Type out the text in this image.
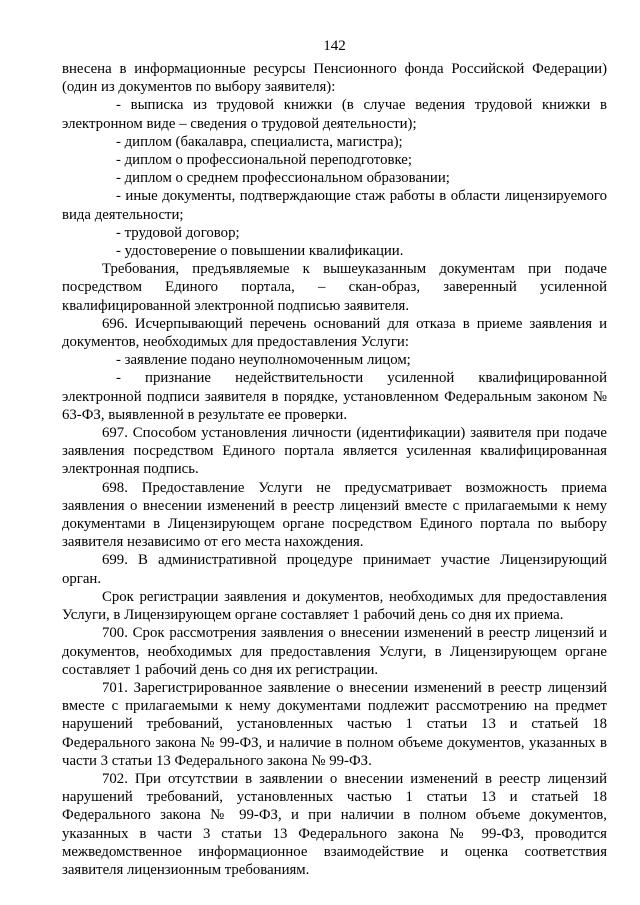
142

внесена в информационные ресурсы Пенсионного фонда Российской Федерации) (один из документов по выбору заявителя):

- выписка из трудовой книжки (в случае ведения трудовой книжки в электронном виде – сведения о трудовой деятельности);

- диплом (бакалавра, специалиста, магистра);

- диплом о профессиональной переподготовке;

- диплом о среднем профессиональном образовании;

- иные документы, подтверждающие стаж работы в области лицензируемого вида деятельности;

- трудовой договор;

- удостоверение о повышении квалификации.

Требования, предъявляемые к вышеуказанным документам при подаче посредством Единого портала, – скан-образ, заверенный усиленной квалифицированной электронной подписью заявителя.

696. Исчерпывающий перечень оснований для отказа в приеме заявления и документов, необходимых для предоставления Услуги:

- заявление подано неуполномоченным лицом;

- признание недействительности усиленной квалифицированной электронной подписи заявителя в порядке, установленном Федеральным законом № 63-ФЗ, выявленной в результате ее проверки.

697. Способом установления личности (идентификации) заявителя при подаче заявления посредством Единого портала является усиленная квалифицированная электронная подпись.

698. Предоставление Услуги не предусматривает возможность приема заявления о внесении изменений в реестр лицензий вместе с прилагаемыми к нему документами в Лицензирующем органе посредством Единого портала по выбору заявителя независимо от его места нахождения.

699. В административной процедуре принимает участие Лицензирующий орган.

Срок регистрации заявления и документов, необходимых для предоставления Услуги, в Лицензирующем органе составляет 1 рабочий день со дня их приема.

700. Срок рассмотрения заявления о внесении изменений в реестр лицензий и документов, необходимых для предоставления Услуги, в Лицензирующем органе составляет 1 рабочий день со дня их регистрации.

701. Зарегистрированное заявление о внесении изменений в реестр лицензий вместе с прилагаемыми к нему документами подлежит рассмотрению на предмет нарушений требований, установленных частью 1 статьи 13 и статьей 18 Федерального закона № 99-ФЗ, и наличие в полном объеме документов, указанных в части 3 статьи 13 Федерального закона № 99-ФЗ.

702. При отсутствии в заявлении о внесении изменений в реестр лицензий нарушений требований, установленных частью 1 статьи 13 и статьей 18 Федерального закона № 99-ФЗ, и при наличии в полном объеме документов, указанных в части 3 статьи 13 Федерального закона № 99-ФЗ, проводится межведомственное информационное взаимодействие и оценка соответствия заявителя лицензионным требованиям.
